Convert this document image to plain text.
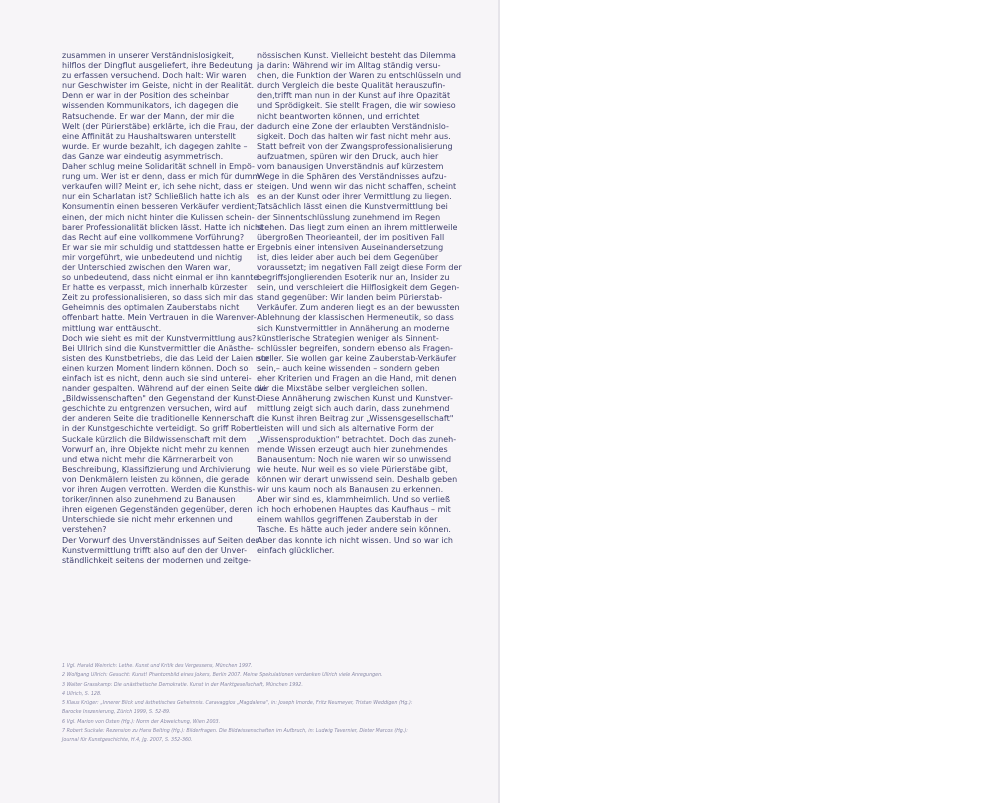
zusammen in unserer Verständnislosigkeit,
hilflos der Dingflut ausgeliefert, ihre Bedeutung
zu erfassen versuchend. Doch halt: Wir waren
nur Geschwister im Geiste, nicht in der Realität.
Denn er war in der Position des scheinbar
wissenden Kommunikators, ich dagegen die
Ratsuchende. Er war der Mann, der mir die
Welt (der Pürierstäbe) erklärte, ich die Frau, der
eine Affinität zu Haushaltswaren unterstellt
wurde. Er wurde bezahlt, ich dagegen zahlte –
das Ganze war eindeutig asymmetrisch.
Daher schlug meine Solidarität schnell in Empö-
rung um. Wer ist er denn, dass er mich für dumm
verkaufen will? Meint er, ich sehe nicht, dass er
nur ein Scharlatan ist? Schließlich hatte ich als
Konsumentin einen besseren Verkäufer verdient;
einen, der mich nicht hinter die Kulissen schein-
barer Professionalität blicken lässt. Hatte ich nicht
das Recht auf eine vollkommene Vorführung?
Er war sie mir schuldig und stattdessen hatte er
mir vorgeführt, wie unbedeutend und nichtig
der Unterschied zwischen den Waren war,
so unbedeutend, dass nicht einmal er ihn kannte.
Er hatte es verpasst, mich innerhalb kürzester
Zeit zu professionalisieren, so dass sich mir das
Geheimnis des optimalen Zauberstabs nicht
offenbart hatte. Mein Vertrauen in die Warenver-
mittlung war enttäuscht.
Doch wie sieht es mit der Kunstvermittlung aus?
Bei Ullrich sind die Kunstvermittler die Anästhe-
sisten des Kunstbetriebs, die das Leid der Laien nur
einen kurzen Moment lindern können. Doch so
einfach ist es nicht, denn auch sie sind unterei-
nander gespalten. Während auf der einen Seite die
„Bildwissenschaften" den Gegenstand der Kunst-
geschichte zu entgrenzen versuchen, wird auf
der anderen Seite die traditionelle Kennerschaft
in der Kunstgeschichte verteidigt. So griff Robert
Suckale kürzlich die Bildwissenschaft mit dem
Vorwurf an, ihre Objekte nicht mehr zu kennen
und etwa nicht mehr die Kärrnerarbeit von
Beschreibung, Klassifizierung und Archivierung
von Denkmälern leisten zu können, die gerade
vor ihren Augen verrotten. Werden die Kunsthis-
toriker/innen also zunehmend zu Banausen
ihren eigenen Gegenständen gegenüber, deren
Unterschiede sie nicht mehr erkennen und
verstehen?
Der Vorwurf des Unverständnisses auf Seiten der
Kunstvermittlung trifft also auf den der Unver-
ständlichkeit seitens der modernen und zeitge-
nössischen Kunst. Vielleicht besteht das Dilemma
ja darin: Während wir im Alltag ständig versu-
chen, die Funktion der Waren zu entschlüsseln und
durch Vergleich die beste Qualität herauszufin-
den,trifft man nun in der Kunst auf ihre Opazität
und Sprödigkeit. Sie stellt Fragen, die wir sowieso
nicht beantworten können, und errichtet
dadurch eine Zone der erlaubten Verständnislo-
sigkeit. Doch das halten wir fast nicht mehr aus.
Statt befreit von der Zwangsprofessionalisierung
aufzuatmen, spüren wir den Druck, auch hier
vom banausigen Unverständnis auf kürzestem
Wege in die Sphären des Verständnisses aufzu-
steigen. Und wenn wir das nicht schaffen, scheint
es an der Kunst oder ihrer Vermittlung zu liegen.
Tatsächlich lässt einen die Kunstvermittlung bei
der Sinnentschlüsslung zunehmend im Regen
stehen. Das liegt zum einen an ihrem mittlerweile
übergroßen Theorieanteil, der im positiven Fall
Ergebnis einer intensiven Auseinandersetzung
ist, dies leider aber auch bei dem Gegenüber
voraussetzt; im negativen Fall zeigt diese Form der
begriffsjonglierenden Esoterik nur an, Insider zu
sein, und verschleiert die Hilflosigkeit dem Gegen-
stand gegenüber: Wir landen beim Pürierstab-
Verkäufer. Zum anderen liegt es an der bewussten
Ablehnung der klassischen Hermeneutik, so dass
sich Kunstvermittler in Annäherung an moderne
künstlerische Strategien weniger als Sinnent-
schlüssler begreifen, sondern ebenso als Fragen-
steller. Sie wollen gar keine Zauberstab-Verkäufer
sein,– auch keine wissenden – sondern geben
eher Kriterien und Fragen an die Hand, mit denen
wir die Mixstäbe selber vergleichen sollen.
Diese Annäherung zwischen Kunst und Kunstver-
mittlung zeigt sich auch darin, dass zunehmend
die Kunst ihren Beitrag zur „Wissensgesellschaft"
leisten will und sich als alternative Form der
„Wissensproduktion" betrachtet. Doch das zuneh-
mende Wissen erzeugt auch hier zunehmendes
Banausentum: Noch nie waren wir so unwissend
wie heute. Nur weil es so viele Pürierstäbe gibt,
können wir derart unwissend sein. Deshalb geben
wir uns kaum noch als Banausen zu erkennen.
Aber wir sind es, klammheimlich. Und so verließ
ich hoch erhobenen Hauptes das Kaufhaus – mit
einem wahllos gegriffenen Zauberstab in der
Tasche. Es hätte auch jeder andere sein können.
Aber das konnte ich nicht wissen. Und so war ich
einfach glücklicher.
1 Vgl. Harald Weinrich: Lethe. Kunst und Kritik des Vergessens, München 1997.
2 Wolfgang Ullrich: Gesucht: Kunst! Phantombild eines Jokers, Berlin 2007. Meine Spekulationen verdanken Ullrich viele Anregungen.
3 Walter Grasskamp: Die unästhetische Demokratie. Kunst in der Marktgesellschaft, München 1992.
4 Ullrich, S. 128.
5 Klaus Krüger: „Innerer Blick und ästhetisches Geheimnis. Caravaggios „Magdalena", in: Joseph Imorde, Fritz Neumeyer, Tristan Weddigen (Hg.):
Barocke Inszenierung, Zürich 1999, S. 52-89.
6 Vgl. Marion von Osten (Hg.): Norm der Abweichung, Wien 2003.
7 Robert Suckale: Rezension zu Hans Belting (Hg.): Bilderfragen. Die Bildwissenschaften im Aufbruch, in: Ludwig Tavernier, Dieter Marcos (Hg.):
Journal für Kunstgeschichte, H.4, Jg. 2007, S. 352-360.
